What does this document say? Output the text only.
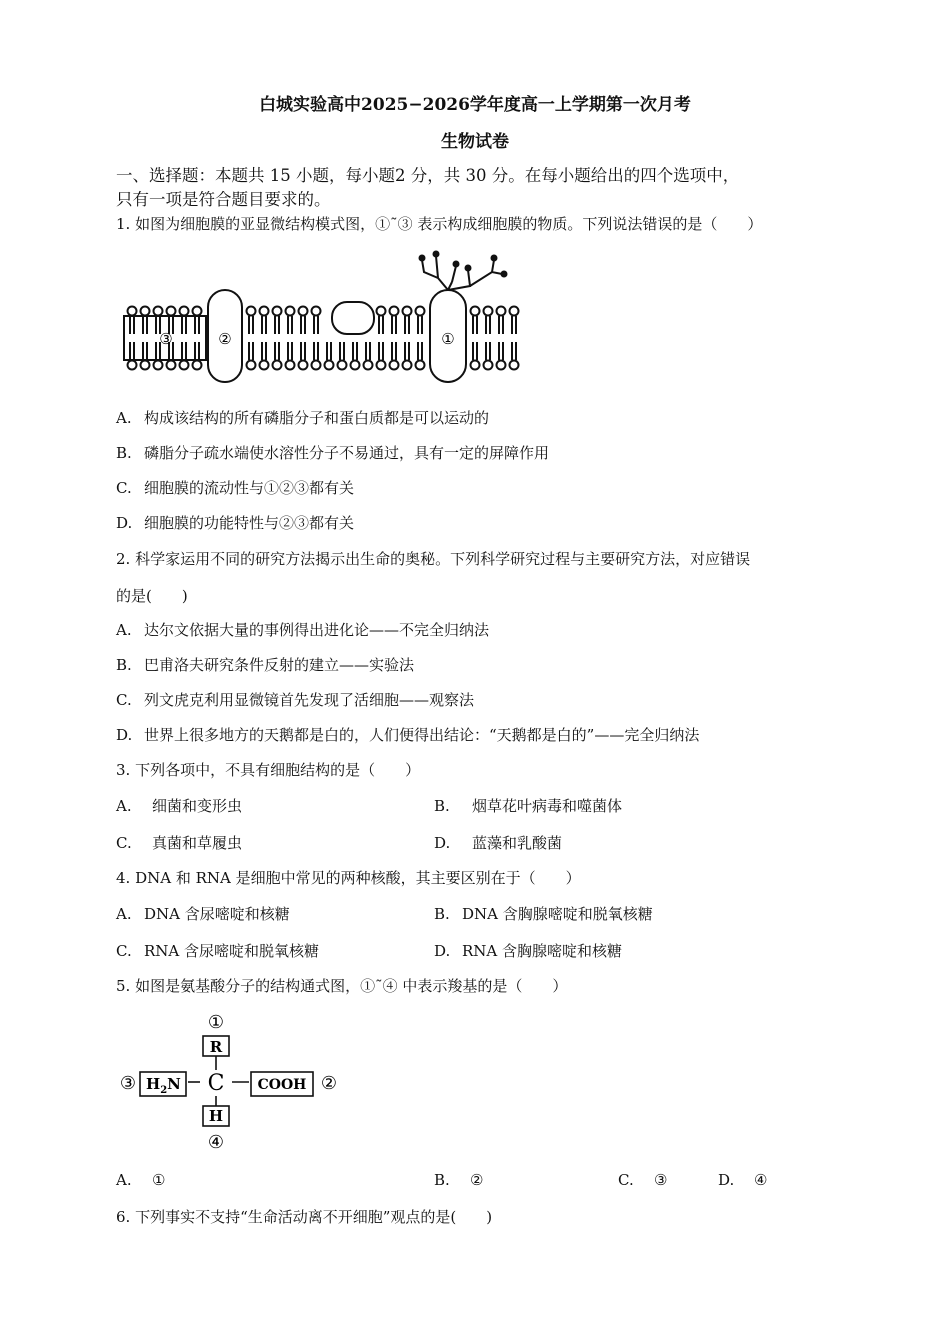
白城实验高中2025−2026学年度高一上学期第一次月考
生物试卷
一、选择题：本题共 15 小题，每小题2 分，共 30 分。在每小题给出的四个选项中，
只有一项是符合题目要求的。
1. 如图为细胞膜的亚显微结构模式图，①˜③ 表示构成细胞膜的物质。下列说法错误的是（　　）
③	②	①
A. 构成该结构的所有磷脂分子和蛋白质都是可以运动的
B. 磷脂分子疏水端使水溶性分子不易通过，具有一定的屏障作用
C. 细胞膜的流动性与①②③都有关
D. 细胞膜的功能特性与②③都有关
2. 科学家运用不同的研究方法揭示出生命的奥秘。下列科学研究过程与主要研究方法，对应错误
的是(　　)
A. 达尔文依据大量的事例得出进化论——不完全归纳法
B. 巴甫洛夫研究条件反射的建立——实验法
C. 列文虎克利用显微镜首先发现了活细胞——观察法
D. 世界上很多地方的天鹅都是白的，人们便得出结论：“天鹅都是白的”——完全归纳法
3. 下列各项中，不具有细胞结构的是（　　）
A. 细菌和变形虫	B. 烟草花叶病毒和噬菌体
C. 真菌和草履虫	D. 蓝藻和乳酸菌
4. DNA 和 RNA 是细胞中常见的两种核酸，其主要区别在于（　　）
A. DNA 含尿嘧啶和核糖	B. DNA 含胸腺嘧啶和脱氧核糖
C. RNA 含尿嘧啶和脱氧核糖	D. RNA 含胸腺嘧啶和核糖
5. 如图是氨基酸分子的结构通式图，①˜④ 中表示羧基的是（　　）
①
R
③ $H_2N$ C COOH ②
H
④
A. ①	B. ②	C. ③	D. ④
6. 下列事实不支持“生命活动离不开细胞”观点的是(　　)
